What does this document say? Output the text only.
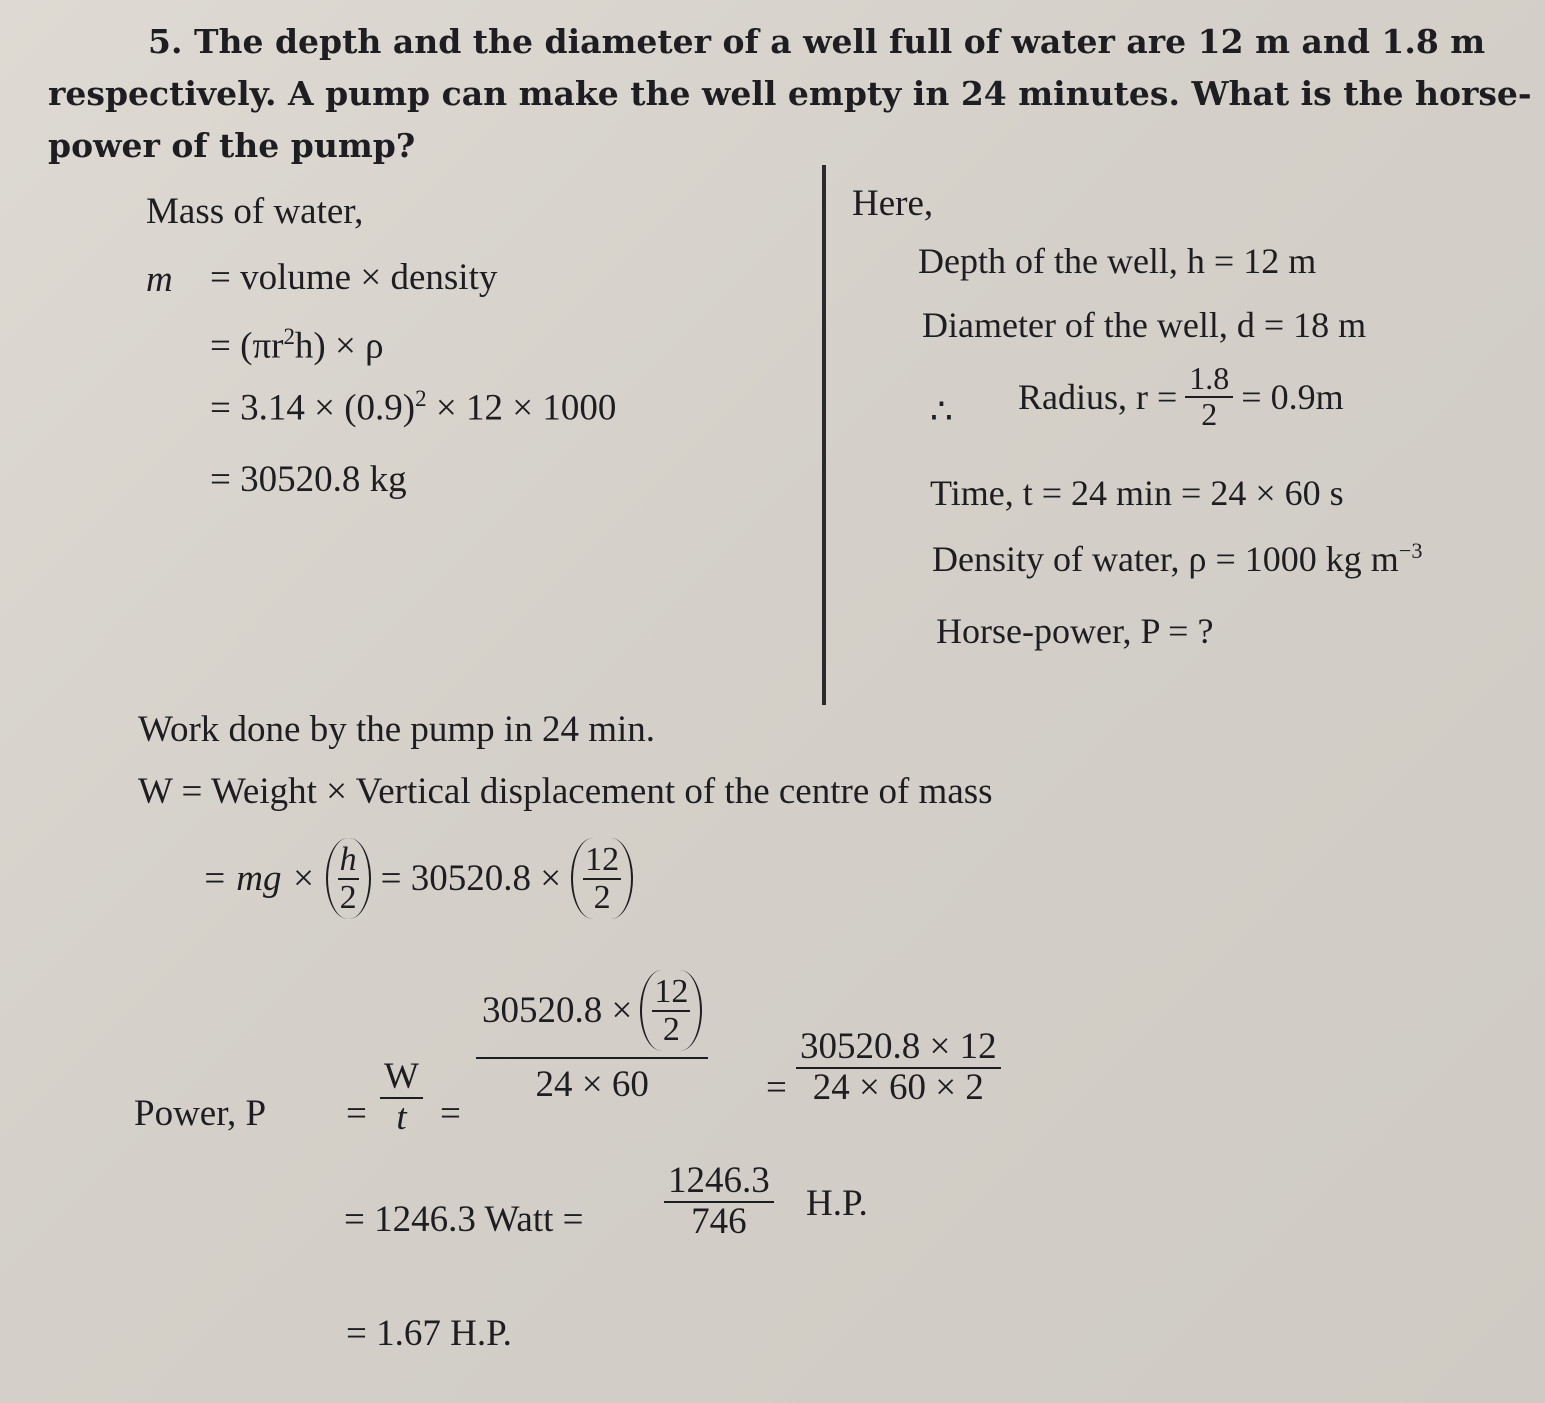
5. The depth and the diameter of a well full of water are 12 m and 1.8 m
respectively. A pump can make the well empty in 24 minutes. What is the horse-
power of the pump?
Mass of water,
m = volume × density
= $(\pi r^2h) \times \rho$
= $3.14 \times (0.9)^2 \times 12 \times 1000$
= 30520.8 kg
Here,
Depth of the well, h = 12 m
Diameter of the well, d = 18 m
∴ Radius, $r = \frac{1.8}{2} = 0.9m$
Time, t = 24 min = 24 × 60 s
Density of water, ρ = 1000 kg $m^{-3}$
Horse-power, P = ?
Work done by the pump in 24 min.
W = Weight × Vertical displacement of the centre of mass
= mg × $\frac{h}{2} = 30520.8 \times \frac{12}{2}$
Power, $P = \frac{W}{t}$ =
$30520.8 \times \frac{12}{2}$
24 × 60	= $\frac{30520.8 \times 12}{24 \times 60 \times 2}$
= 1246.3 Watt = $\frac{1246.3}{746} H.P$.
= 1.67 H.P.
